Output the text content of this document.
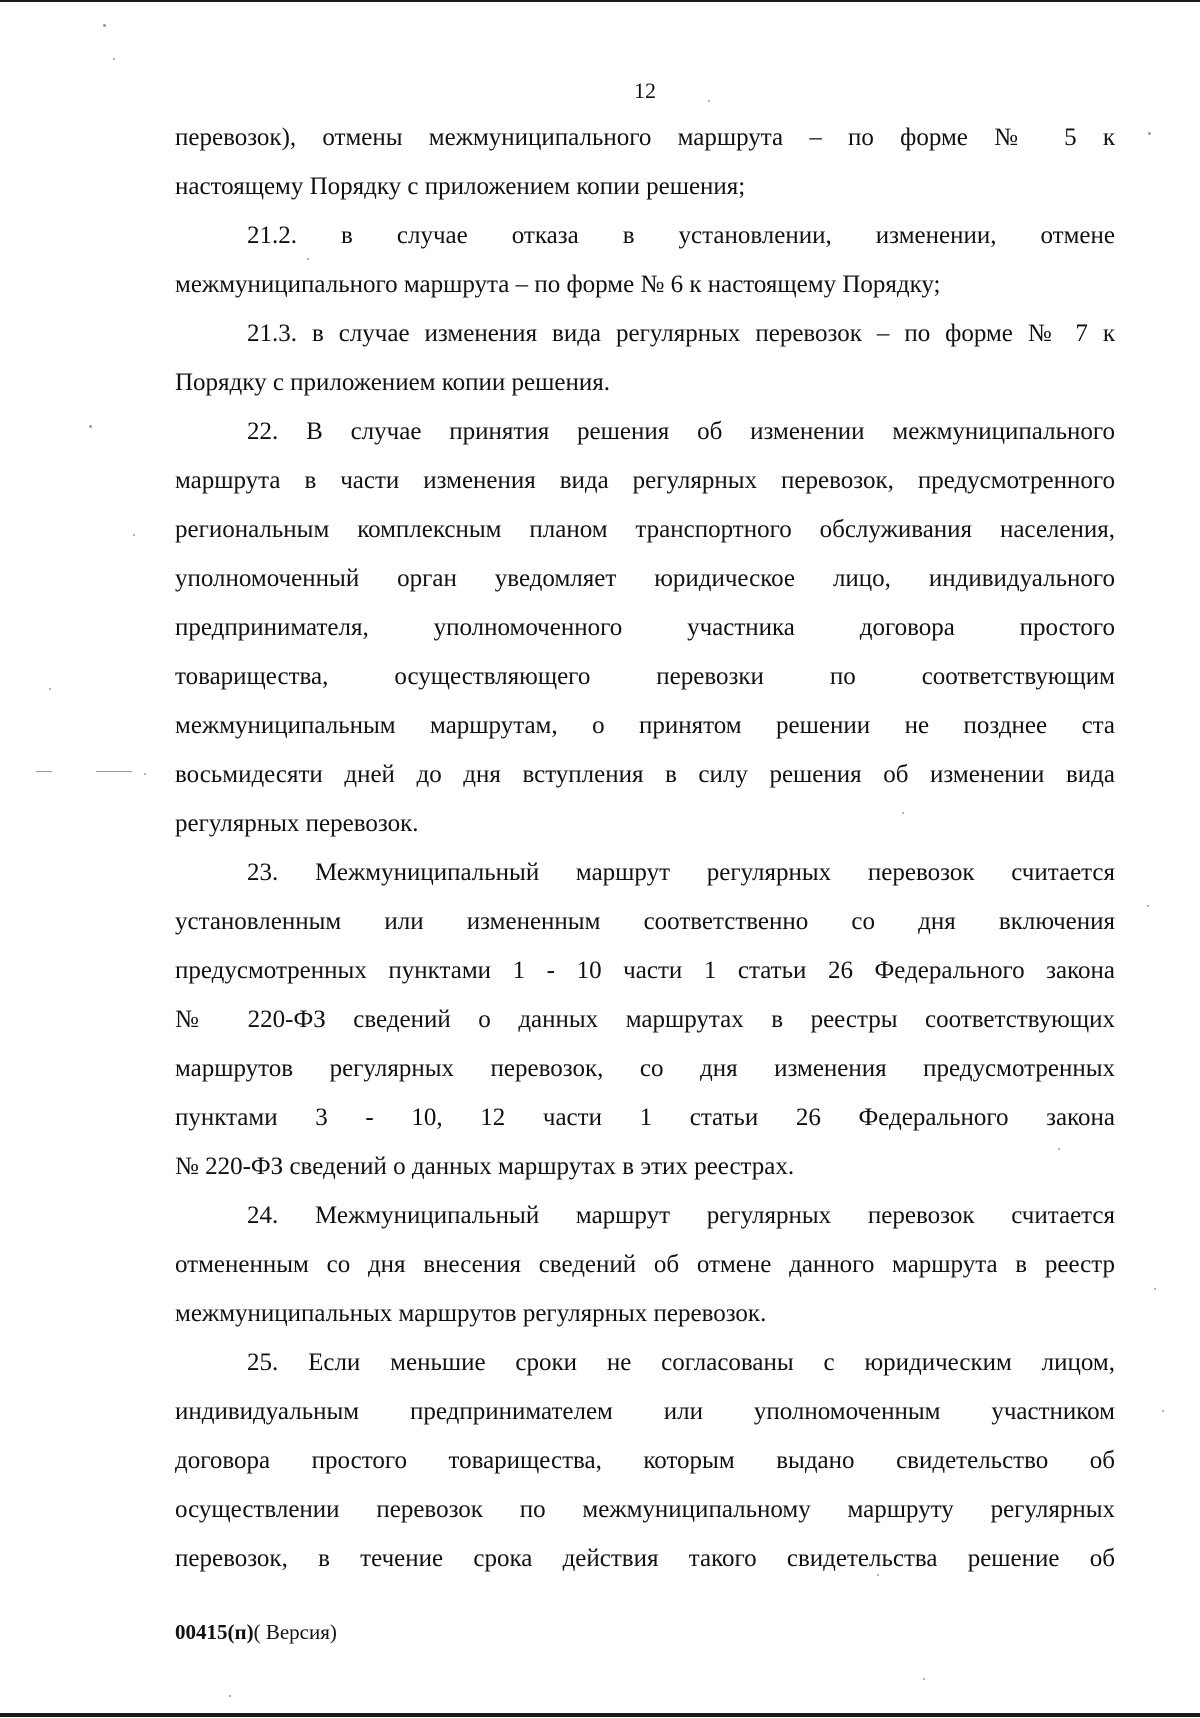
12
перевозок), отмены межмуниципального маршрута – по форме № 5 к
настоящему Порядку с приложением копии решения;
21.2. в случае отказа в установлении, изменении, отмене
межмуниципального маршрута – по форме № 6 к настоящему Порядку;
21.3. в случае изменения вида регулярных перевозок – по форме № 7 к
Порядку с приложением копии решения.
22. В случае принятия решения об изменении межмуниципального
маршрута в части изменения вида регулярных перевозок, предусмотренного
региональным комплексным планом транспортного обслуживания населения,
уполномоченный орган уведомляет юридическое лицо, индивидуального
предпринимателя, уполномоченного участника договора простого
товарищества, осуществляющего перевозки по соответствующим
межмуниципальным маршрутам, о принятом решении не позднее ста
восьмидесяти дней до дня вступления в силу решения об изменении вида
регулярных перевозок.
23. Межмуниципальный маршрут регулярных перевозок считается
установленным или измененным соответственно со дня включения
предусмотренных пунктами 1 - 10 части 1 статьи 26 Федерального закона
№ 220-ФЗ сведений о данных маршрутах в реестры соответствующих
маршрутов регулярных перевозок, со дня изменения предусмотренных
пунктами 3 - 10, 12 части 1 статьи 26 Федерального закона
№ 220-ФЗ сведений о данных маршрутах в этих реестрах.
24. Межмуниципальный маршрут регулярных перевозок считается
отмененным со дня внесения сведений об отмене данного маршрута в реестр
межмуниципальных маршрутов регулярных перевозок.
25. Если меньшие сроки не согласованы с юридическим лицом,
индивидуальным предпринимателем или уполномоченным участником
договора простого товарищества, которым выдано свидетельство об
осуществлении перевозок по межмуниципальному маршруту регулярных
перевозок, в течение срока действия такого свидетельства решение об
00415(п)( Версия)
